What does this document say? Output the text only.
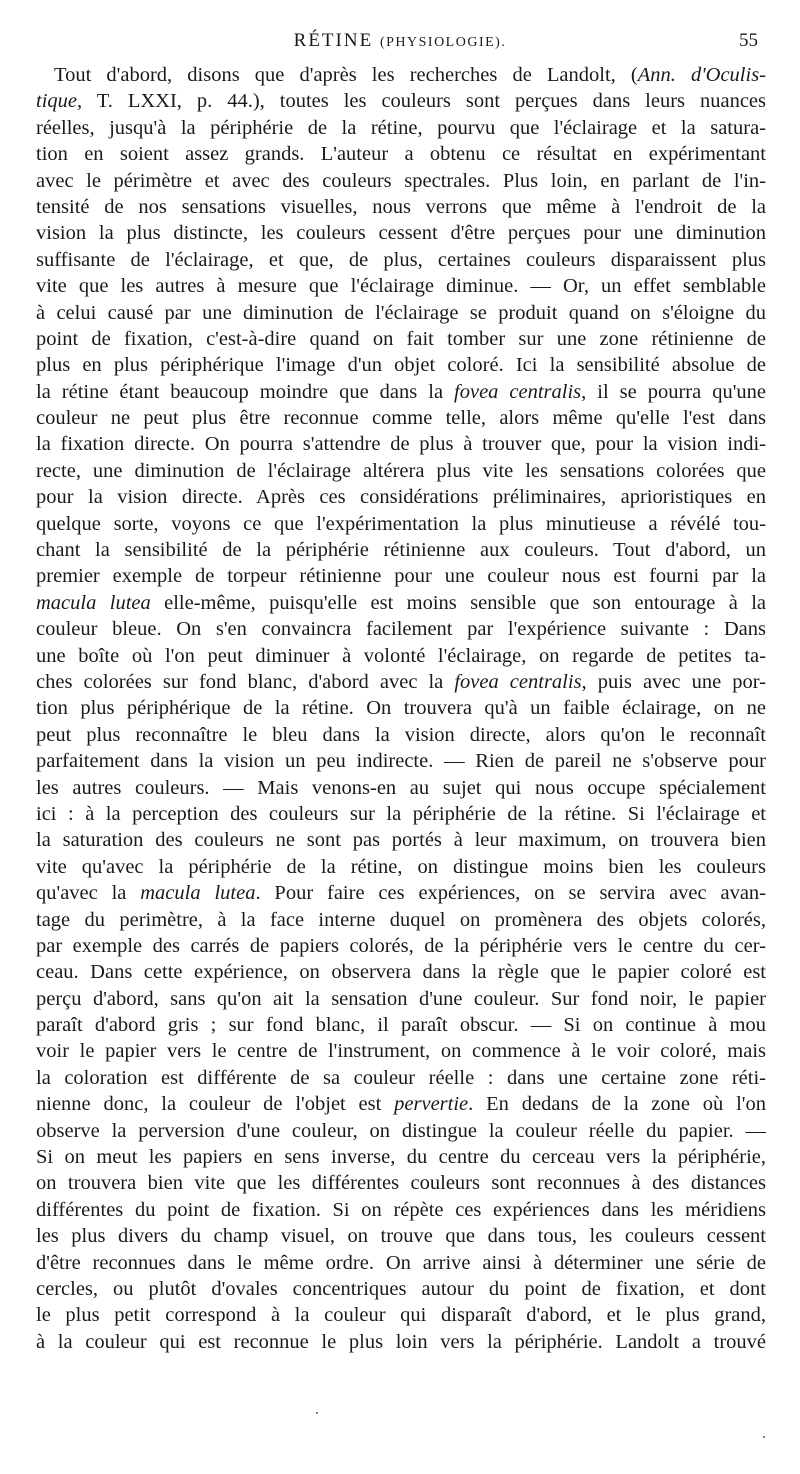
RÉTINE (PHYSIOLOGIE).	55
Tout d'abord, disons que d'après les recherches de Landolt, (Ann. d'Oculis-
tique, T. LXXI, p. 44.), toutes les couleurs sont perçues dans leurs nuances
réelles, jusqu'à la périphérie de la rétine, pourvu que l'éclairage et la satura-
tion en soient assez grands. L'auteur a obtenu ce résultat en expérimentant
avec le périmètre et avec des couleurs spectrales. Plus loin, en parlant de l'in-
tensité de nos sensations visuelles, nous verrons que même à l'endroit de la
vision la plus distincte, les couleurs cessent d'être perçues pour une diminution
suffisante de l'éclairage, et que, de plus, certaines couleurs disparaissent plus
vite que les autres à mesure que l'éclairage diminue. — Or, un effet semblable
à celui causé par une diminution de l'éclairage se produit quand on s'éloigne du
point de fixation, c'est-à-dire quand on fait tomber sur une zone rétinienne de
plus en plus périphérique l'image d'un objet coloré. Ici la sensibilité absolue de
la rétine étant beaucoup moindre que dans la fovea centralis, il se pourra qu'une
couleur ne peut plus être reconnue comme telle, alors même qu'elle l'est dans
la fixation directe. On pourra s'attendre de plus à trouver que, pour la vision indi-
recte, une diminution de l'éclairage altérera plus vite les sensations colorées que
pour la vision directe. Après ces considérations préliminaires, aprioristiques en
quelque sorte, voyons ce que l'expérimentation la plus minutieuse a révélé tou-
chant la sensibilité de la périphérie rétinienne aux couleurs. Tout d'abord, un
premier exemple de torpeur rétinienne pour une couleur nous est fourni par la
macula lutea elle-même, puisqu'elle est moins sensible que son entourage à la
couleur bleue. On s'en convaincra facilement par l'expérience suivante : Dans
une boîte où l'on peut diminuer à volonté l'éclairage, on regarde de petites ta-
ches colorées sur fond blanc, d'abord avec la fovea centralis, puis avec une por-
tion plus périphérique de la rétine. On trouvera qu'à un faible éclairage, on ne
peut plus reconnaître le bleu dans la vision directe, alors qu'on le reconnaît
parfaitement dans la vision un peu indirecte. — Rien de pareil ne s'observe pour
les autres couleurs. — Mais venons-en au sujet qui nous occupe spécialement
ici : à la perception des couleurs sur la périphérie de la rétine. Si l'éclairage et
la saturation des couleurs ne sont pas portés à leur maximum, on trouvera bien
vite qu'avec la périphérie de la rétine, on distingue moins bien les couleurs
qu'avec la macula lutea. Pour faire ces expériences, on se servira avec avan-
tage du perimètre, à la face interne duquel on promènera des objets colorés,
par exemple des carrés de papiers colorés, de la périphérie vers le centre du cer-
ceau. Dans cette expérience, on observera dans la règle que le papier coloré est
perçu d'abord, sans qu'on ait la sensation d'une couleur. Sur fond noir, le papier
paraît d'abord gris ; sur fond blanc, il paraît obscur. — Si on continue à mou
voir le papier vers le centre de l'instrument, on commence à le voir coloré, mais
la coloration est différente de sa couleur réelle : dans une certaine zone réti-
nienne donc, la couleur de l'objet est pervertie. En dedans de la zone où l'on
observe la perversion d'une couleur, on distingue la couleur réelle du papier. —
Si on meut les papiers en sens inverse, du centre du cerceau vers la périphérie,
on trouvera bien vite que les différentes couleurs sont reconnues à des distances
différentes du point de fixation. Si on répète ces expériences dans les méridiens
les plus divers du champ visuel, on trouve que dans tous, les couleurs cessent
d'être reconnues dans le même ordre. On arrive ainsi à déterminer une série de
cercles, ou plutôt d'ovales concentriques autour du point de fixation, et dont
le plus petit correspond à la couleur qui disparaît d'abord, et le plus grand,
à la couleur qui est reconnue le plus loin vers la périphérie. Landolt a trouvé
